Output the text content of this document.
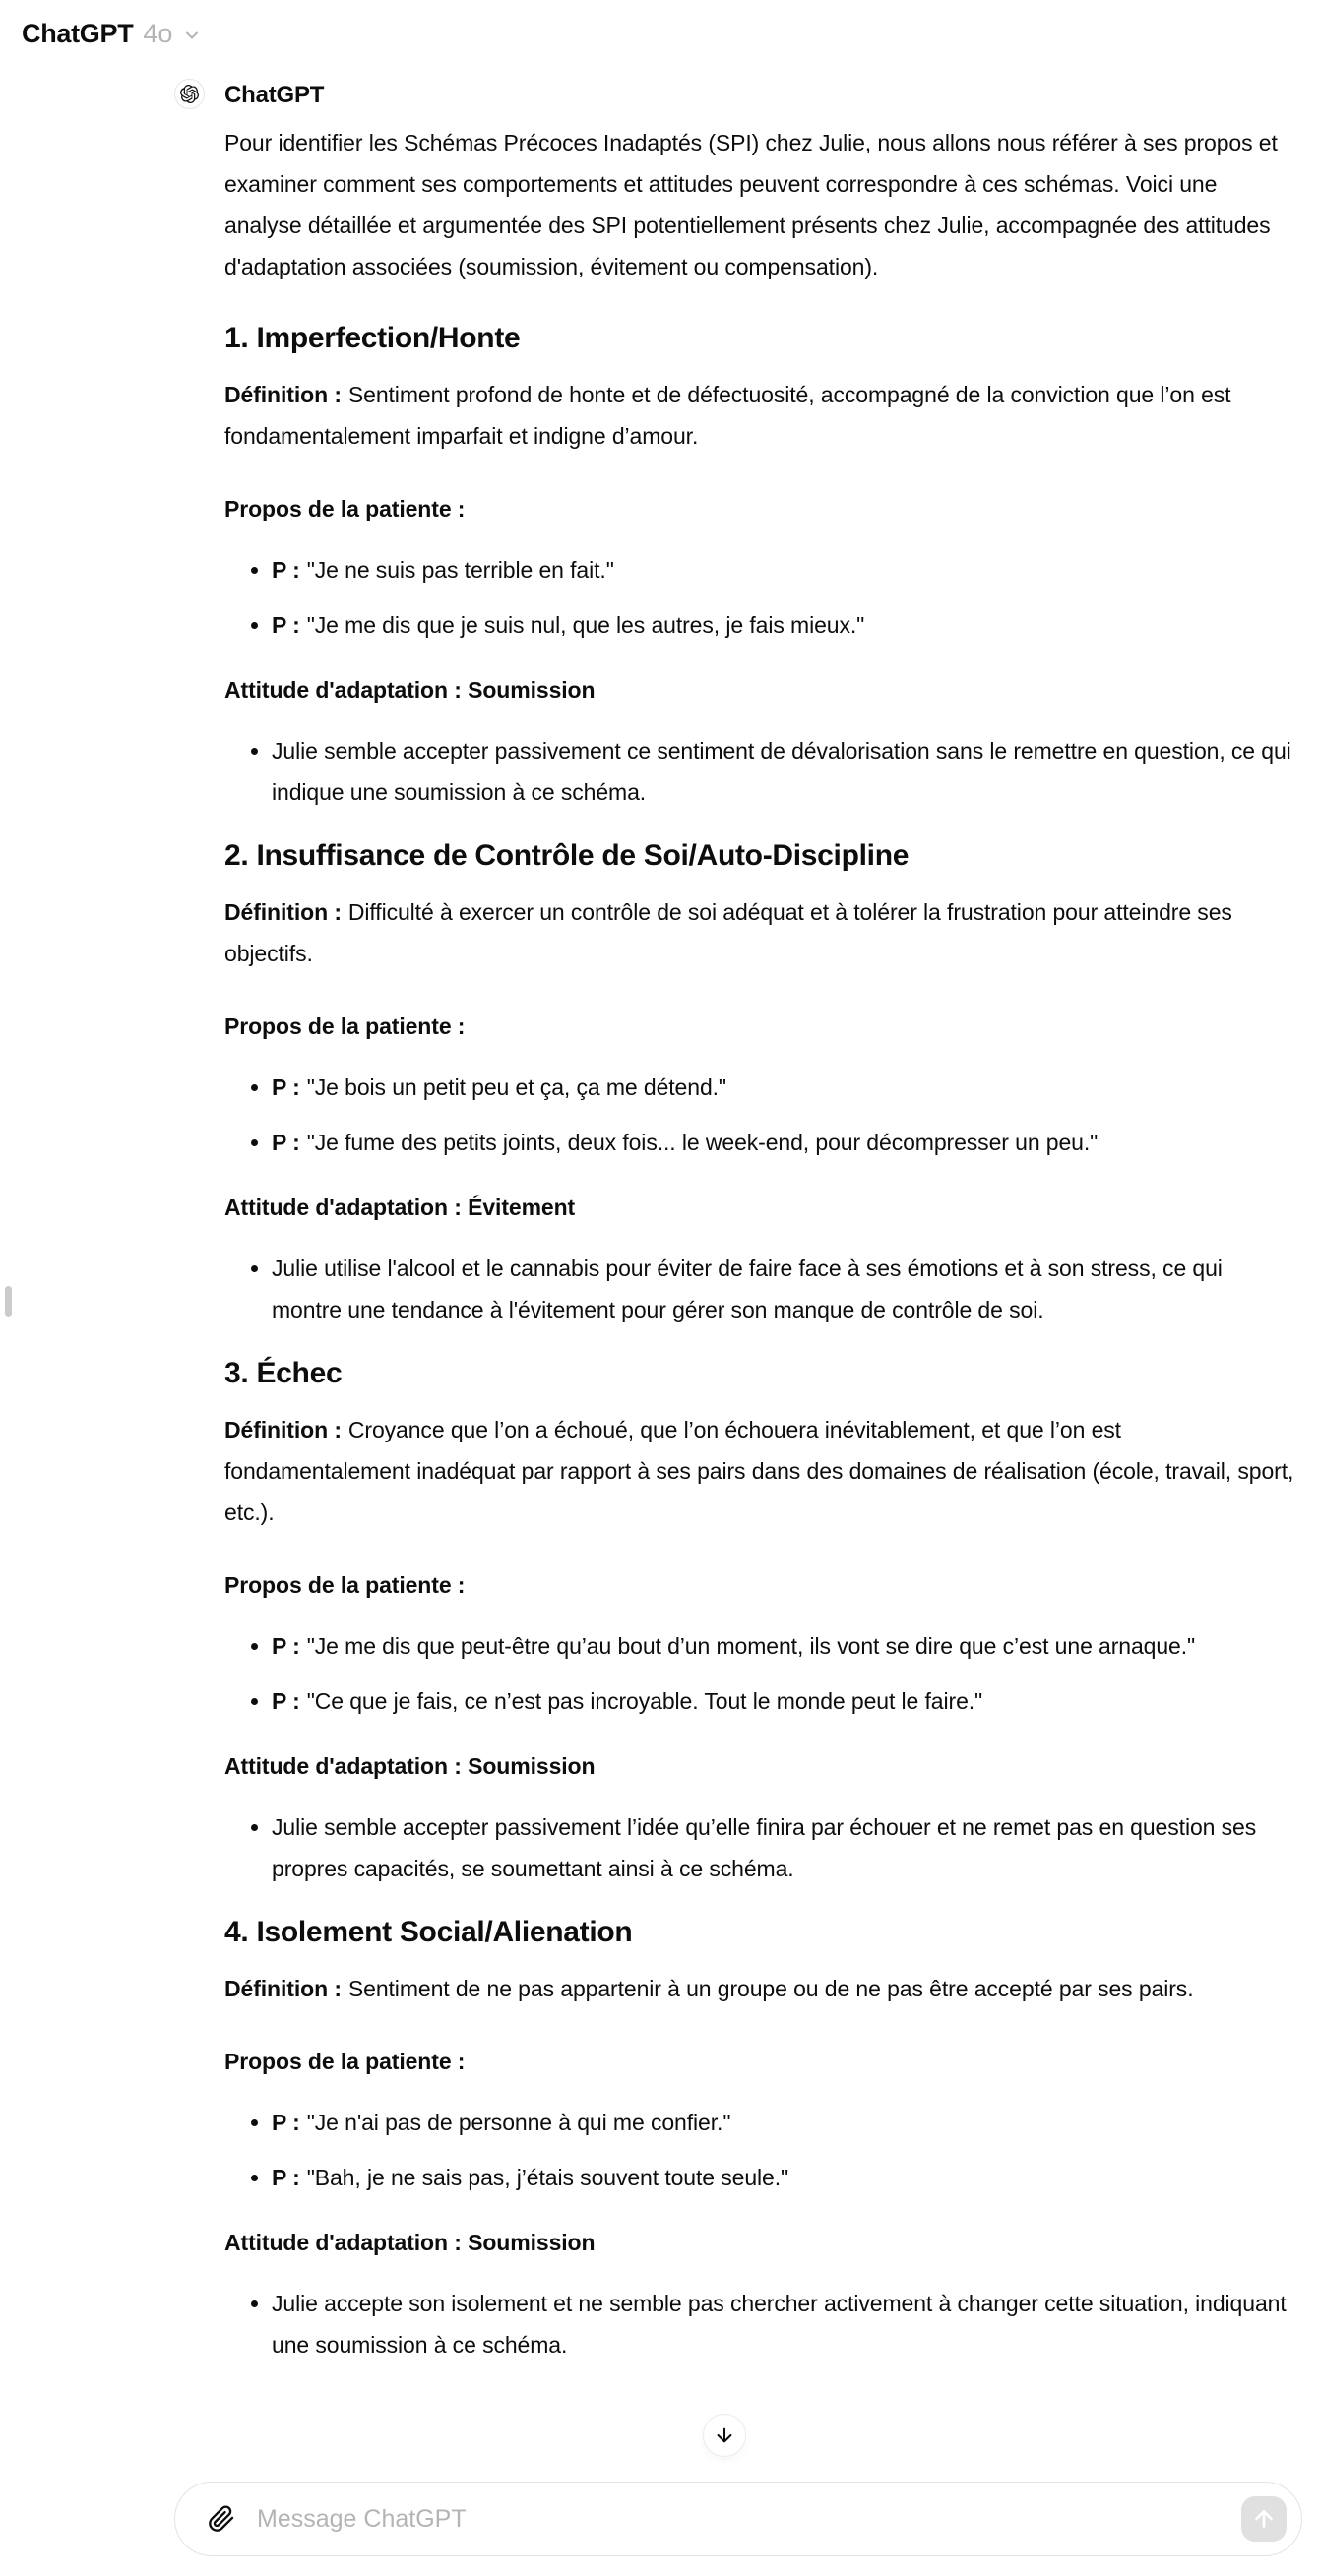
ChatGPT 4o
ChatGPT

Pour identifier les Schémas Précoces Inadaptés (SPI) chez Julie, nous allons nous référer à ses propos et examiner comment ses comportements et attitudes peuvent correspondre à ces schémas. Voici une analyse détaillée et argumentée des SPI potentiellement présents chez Julie, accompagnée des attitudes d'adaptation associées (soumission, évitement ou compensation).

1. Imperfection/Honte

Définition : Sentiment profond de honte et de défectuosité, accompagné de la conviction que l’on est fondamentalement imparfait et indigne d’amour.

Propos de la patiente :

• P : "Je ne suis pas terrible en fait."
• P : "Je me dis que je suis nul, que les autres, je fais mieux."

Attitude d'adaptation : Soumission

• Julie semble accepter passivement ce sentiment de dévalorisation sans le remettre en question, ce qui indique une soumission à ce schéma.
2. Insuffisance de Contrôle de Soi/Auto-Discipline

Définition : Difficulté à exercer un contrôle de soi adéquat et à tolérer la frustration pour atteindre ses objectifs.

Propos de la patiente :

• P : "Je bois un petit peu et ça, ça me détend."
• P : "Je fume des petits joints, deux fois... le week-end, pour décompresser un peu."

Attitude d'adaptation : Évitement

• Julie utilise l'alcool et le cannabis pour éviter de faire face à ses émotions et à son stress, ce qui montre une tendance à l'évitement pour gérer son manque de contrôle de soi.
3. Échec

Définition : Croyance que l’on a échoué, que l’on échouera inévitablement, et que l’on est fondamentalement inadéquat par rapport à ses pairs dans des domaines de réalisation (école, travail, sport, etc.).

Propos de la patiente :

• P : "Je me dis que peut-être qu’au bout d’un moment, ils vont se dire que c’est une arnaque."
• P : "Ce que je fais, ce n’est pas incroyable. Tout le monde peut le faire."

Attitude d'adaptation : Soumission

• Julie semble accepter passivement l’idée qu’elle finira par échouer et ne remet pas en question ses propres capacités, se soumettant ainsi à ce schéma.
4. Isolement Social/Alienation

Définition : Sentiment de ne pas appartenir à un groupe ou de ne pas être accepté par ses pairs.

Propos de la patiente :

• P : "Je n'ai pas de personne à qui me confier."
• P : "Bah, je ne sais pas, j’étais souvent toute seule."

Attitude d'adaptation : Soumission

• Julie accepte son isolement et ne semble pas chercher activement à changer cette situation, indiquant une soumission à ce schéma.
Message ChatGPT
